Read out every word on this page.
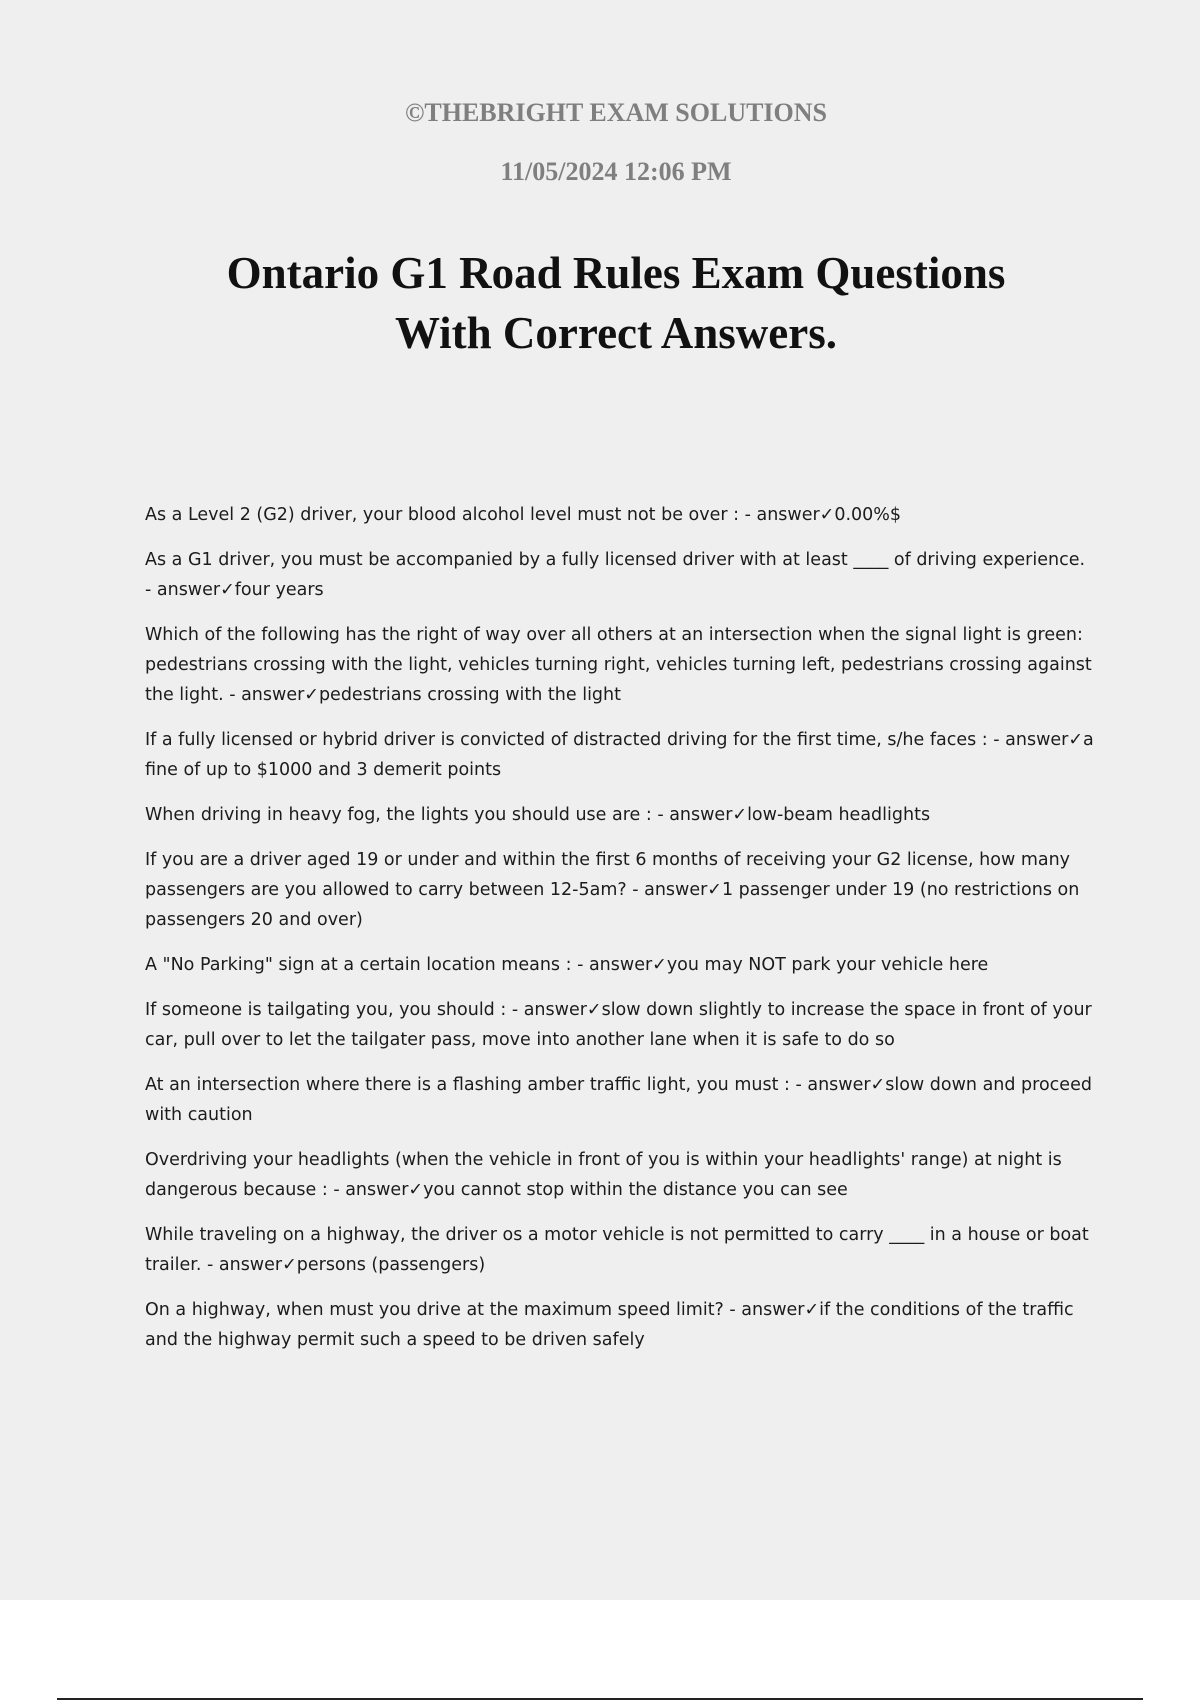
©THEBRIGHT EXAM SOLUTIONS

11/05/2024 12:06 PM

Ontario G1 Road Rules Exam Questions
With Correct Answers.
As a Level 2 (G2) driver, your blood alcohol level must not be over : - answer✓0.00%$
As a G1 driver, you must be accompanied by a fully licensed driver with at least ____ of driving experience. - answer✓four years
Which of the following has the right of way over all others at an intersection when the signal light is green: pedestrians crossing with the light, vehicles turning right, vehicles turning left, pedestrians crossing against the light. - answer✓pedestrians crossing with the light
If a fully licensed or hybrid driver is convicted of distracted driving for the first time, s/he faces : - answer✓a fine of up to $1000 and 3 demerit points
When driving in heavy fog, the lights you should use are : - answer✓low-beam headlights
If you are a driver aged 19 or under and within the first 6 months of receiving your G2 license, how many passengers are you allowed to carry between 12-5am? - answer✓1 passenger under 19 (no restrictions on passengers 20 and over)
A "No Parking" sign at a certain location means : - answer✓you may NOT park your vehicle here
If someone is tailgating you, you should : - answer✓slow down slightly to increase the space in front of your car, pull over to let the tailgater pass, move into another lane when it is safe to do so
At an intersection where there is a flashing amber traffic light, you must : - answer✓slow down and proceed with caution
Overdriving your headlights (when the vehicle in front of you is within your headlights' range) at night is dangerous because : - answer✓you cannot stop within the distance you can see
While traveling on a highway, the driver os a motor vehicle is not permitted to carry ____ in a house or boat trailer. - answer✓persons (passengers)
On a highway, when must you drive at the maximum speed limit? - answer✓if the conditions of the traffic and the highway permit such a speed to be driven safely
